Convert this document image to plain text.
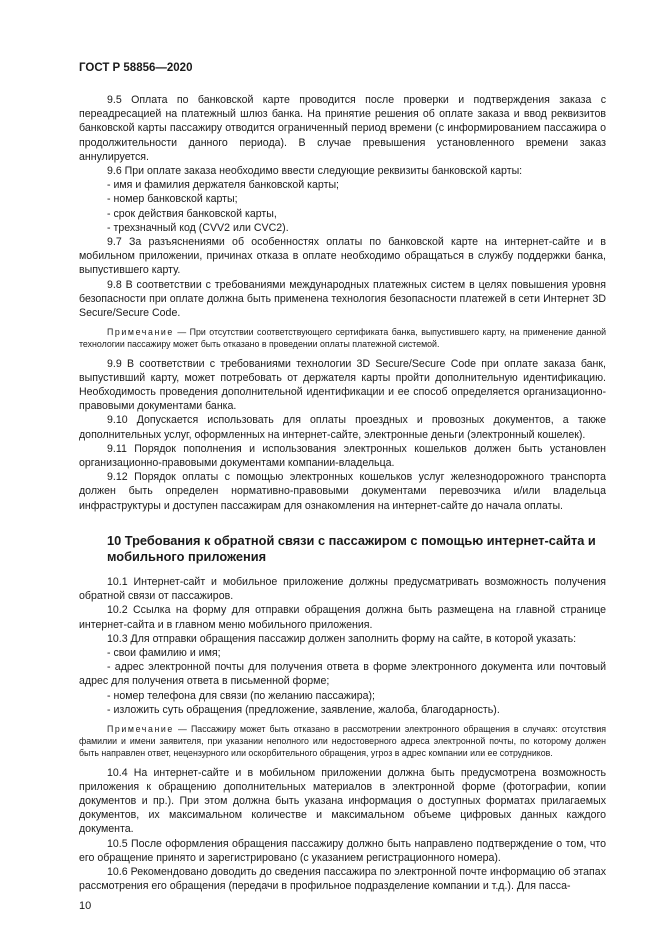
ГОСТ Р 58856—2020

9.5 Оплата по банковской карте проводится после проверки и подтверждения заказа с переадресацией на платежный шлюз банка. На принятие решения об оплате заказа и ввод реквизитов банковской карты пассажиру отводится ограниченный период времени (с информированием пассажира о продолжительности данного периода). В случае превышения установленного времени заказ аннулируется.

9.6 При оплате заказа необходимо ввести следующие реквизиты банковской карты:

- имя и фамилия держателя банковской карты;

- номер банковской карты;

- срок действия банковской карты,

- трехзначный код (CVV2 или CVC2).

9.7 За разъяснениями об особенностях оплаты по банковской карте на интернет-сайте и в мобильном приложении, причинах отказа в оплате необходимо обращаться в службу поддержки банка, выпустившего карту.

9.8 В соответствии с требованиями международных платежных систем в целях повышения уровня безопасности при оплате должна быть применена технология безопасности платежей в сети Интернет 3D Secure/Secure Code.

Примечание — При отсутствии соответствующего сертификата банка, выпустившего карту, на применение данной технологии пассажиру может быть отказано в проведении оплаты платежной системой.

9.9 В соответствии с требованиями технологии 3D Secure/Secure Code при оплате заказа банк, выпустивший карту, может потребовать от держателя карты пройти дополнительную идентификацию. Необходимость проведения дополнительной идентификации и ее способ определяется организационно-правовыми документами банка.

9.10 Допускается использовать для оплаты проездных и провозных документов, а также дополнительных услуг, оформленных на интернет-сайте, электронные деньги (электронный кошелек).

9.11 Порядок пополнения и использования электронных кошельков должен быть установлен организационно-правовыми документами компании-владельца.

9.12 Порядок оплаты с помощью электронных кошельков услуг железнодорожного транспорта должен быть определен нормативно-правовыми документами перевозчика и/или владельца инфраструктуры и доступен пассажирам для ознакомления на интернет-сайте до начала оплаты.

10 Требования к обратной связи с пассажиром с помощью интернет-сайта и мобильного приложения

10.1 Интернет-сайт и мобильное приложение должны предусматривать возможность получения обратной связи от пассажиров.

10.2 Ссылка на форму для отправки обращения должна быть размещена на главной странице интернет-сайта и в главном меню мобильного приложения.

10.3 Для отправки обращения пассажир должен заполнить форму на сайте, в которой указать:

- свои фамилию и имя;

- адрес электронной почты для получения ответа в форме электронного документа или почтовый адрес для получения ответа в письменной форме;

- номер телефона для связи (по желанию пассажира);

- изложить суть обращения (предложение, заявление, жалоба, благодарность).

Примечание — Пассажиру может быть отказано в рассмотрении электронного обращения в случаях: отсутствия фамилии и имени заявителя, при указании неполного или недостоверного адреса электронной почты, по которому должен быть направлен ответ, нецензурного или оскорбительного обращения, угроз в адрес компании или ее сотрудников.

10.4 На интернет-сайте и в мобильном приложении должна быть предусмотрена возможность приложения к обращению дополнительных материалов в электронной форме (фотографии, копии документов и пр.). При этом должна быть указана информация о доступных форматах прилагаемых документов, их максимальном количестве и максимальном объеме цифровых данных каждого документа.

10.5 После оформления обращения пассажиру должно быть направлено подтверждение о том, что его обращение принято и зарегистрировано (с указанием регистрационного номера).

10.6 Рекомендовано доводить до сведения пассажира по электронной почте информацию об этапах рассмотрения его обращения (передачи в профильное подразделение компании и т.д.). Для пасса-

10
